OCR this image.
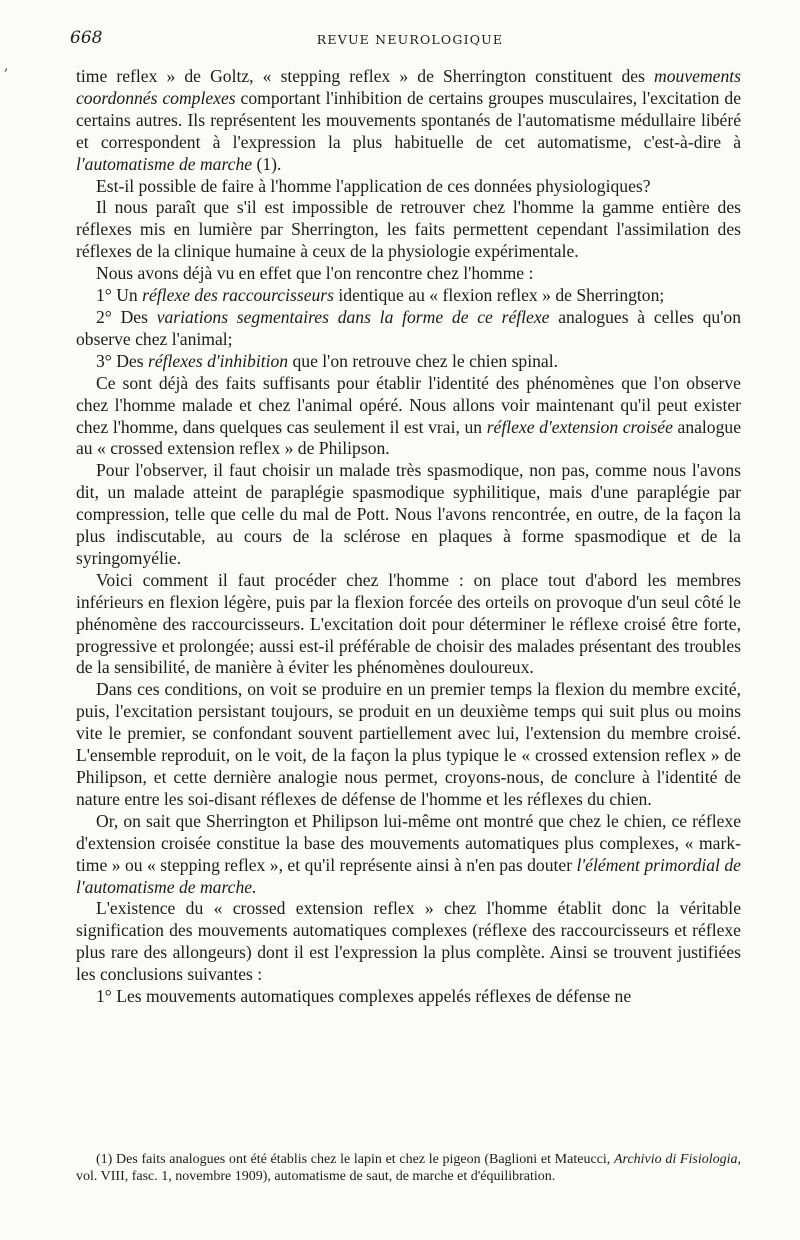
668	REVUE NEUROLOGIQUE
,	time reflex » de Goltz, « stepping reflex » de Sherrington constituent des mouvements coordonnés complexes comportant l'inhibition de certains groupes musculaires, l'excitation de certains autres. Ils représentent les mouvements spontanés de l'automatisme médullaire libéré et correspondent à l'expression la plus habituelle de cet automatisme, c'est-à-dire à l'automatisme de marche (1).

Est-il possible de faire à l'homme l'application de ces données physiologiques?

Il nous paraît que s'il est impossible de retrouver chez l'homme la gamme entière des réflexes mis en lumière par Sherrington, les faits permettent cependant l'assimilation des réflexes de la clinique humaine à ceux de la physiologie expérimentale.

Nous avons déjà vu en effet que l'on rencontre chez l'homme :

1° Un réflexe des raccourcisseurs identique au « flexion reflex » de Sherrington;

2° Des variations segmentaires dans la forme de ce réflexe analogues à celles qu'on observe chez l'animal;

3° Des réflexes d'inhibition que l'on retrouve chez le chien spinal.

Ce sont déjà des faits suffisants pour établir l'identité des phénomènes que l'on observe chez l'homme malade et chez l'animal opéré. Nous allons voir maintenant qu'il peut exister chez l'homme, dans quelques cas seulement il est vrai, un réflexe d'extension croisée analogue au « crossed extension reflex » de Philipson.

Pour l'observer, il faut choisir un malade très spasmodique, non pas, comme nous l'avons dit, un malade atteint de paraplégie spasmodique syphilitique, mais d'une paraplégie par compression, telle que celle du mal de Pott. Nous l'avons rencontrée, en outre, de la façon la plus indiscutable, au cours de la sclérose en plaques à forme spasmodique et de la syringomyélie.

Voici comment il faut procéder chez l'homme : on place tout d'abord les membres inférieurs en flexion légère, puis par la flexion forcée des orteils on provoque d'un seul côté le phénomène des raccourcisseurs. L'excitation doit pour déterminer le réflexe croisé être forte, progressive et prolongée; aussi est-il préférable de choisir des malades présentant des troubles de la sensibilité, de manière à éviter les phénomènes douloureux.

Dans ces conditions, on voit se produire en un premier temps la flexion du membre excité, puis, l'excitation persistant toujours, se produit en un deuxième temps qui suit plus ou moins vite le premier, se confondant souvent partiellement avec lui, l'extension du membre croisé. L'ensemble reproduit, on le voit, de la façon la plus typique le « crossed extension reflex » de Philipson, et cette dernière analogie nous permet, croyons-nous, de conclure à l'identité de nature entre les soi-disant réflexes de défense de l'homme et les réflexes du chien.

Or, on sait que Sherrington et Philipson lui-même ont montré que chez le chien, ce réflexe d'extension croisée constitue la base des mouvements automatiques plus complexes, « mark-time » ou « stepping reflex », et qu'il représente ainsi à n'en pas douter l'élément primordial de l'automatisme de marche.

L'existence du « crossed extension reflex » chez l'homme établit donc la véritable signification des mouvements automatiques complexes (réflexe des raccourcisseurs et réflexe plus rare des allongeurs) dont il est l'expression la plus complète. Ainsi se trouvent justifiées les conclusions suivantes :

1° Les mouvements automatiques complexes appelés réflexes de défense ne

(1) Des faits analogues ont été établis chez le lapin et chez le pigeon (Baglioni et Mateucci, Archivio di Fisiologia, vol. VIII, fasc. 1, novembre 1909), automatisme de saut, de marche et d'équilibration.
